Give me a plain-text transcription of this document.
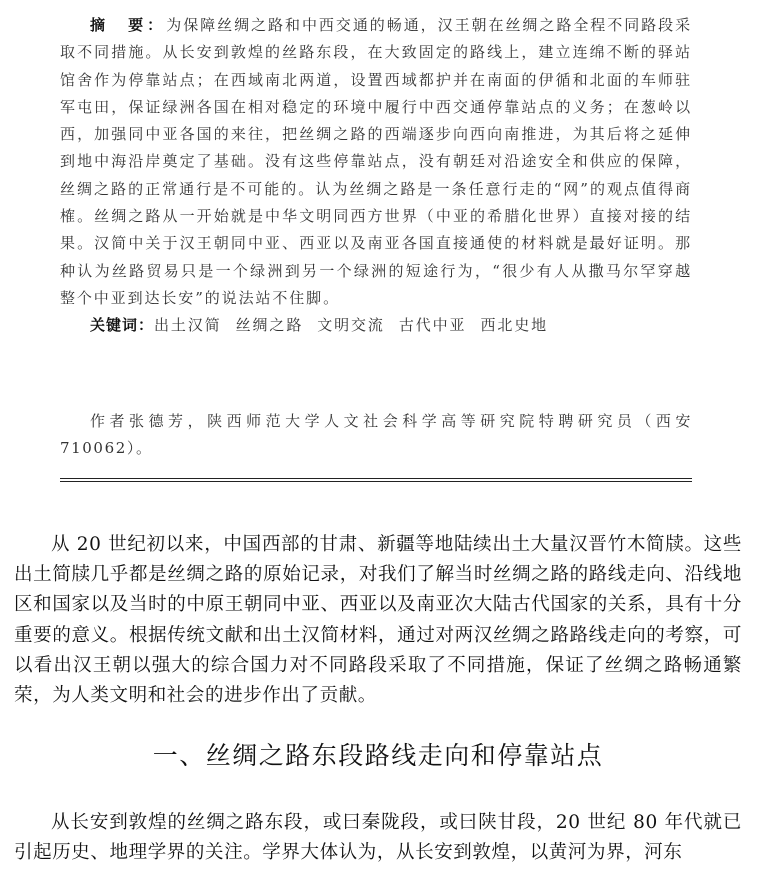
摘　要：为保障丝绸之路和中西交通的畅通，汉王朝在丝绸之路全程不同路段采取不同措施。从长安到敦煌的丝路东段，在大致固定的路线上，建立连绵不断的驿站馆舍作为停靠站点；在西域南北两道，设置西域都护并在南面的伊循和北面的车师驻军屯田，保证绿洲各国在相对稳定的环境中履行中西交通停靠站点的义务；在葱岭以西，加强同中亚各国的来往，把丝绸之路的西端逐步向西向南推进，为其后将之延伸到地中海沿岸奠定了基础。没有这些停靠站点，没有朝廷对沿途安全和供应的保障，丝绸之路的正常通行是不可能的。认为丝绸之路是一条任意行走的“网”的观点值得商榷。丝绸之路从一开始就是中华文明同西方世界（中亚的希腊化世界）直接对接的结果。汉简中关于汉王朝同中亚、西亚以及南亚各国直接通使的材料就是最好证明。那种认为丝路贸易只是一个绿洲到另一个绿洲的短途行为，“很少有人从撒马尔罕穿越整个中亚到达长安”的说法站不住脚。

关键词：出土汉简 丝绸之路 文明交流 古代中亚 西北史地

作者张德芳，陕西师范大学人文社会科学高等研究院特聘研究员（西安 710062）。

从 20 世纪初以来，中国西部的甘肃、新疆等地陆续出土大量汉晋竹木简牍。这些出土简牍几乎都是丝绸之路的原始记录，对我们了解当时丝绸之路的路线走向、沿线地区和国家以及当时的中原王朝同中亚、西亚以及南亚次大陆古代国家的关系，具有十分重要的意义。根据传统文献和出土汉简材料，通过对两汉丝绸之路路线走向的考察，可以看出汉王朝以强大的综合国力对不同路段采取了不同措施，保证了丝绸之路畅通繁荣，为人类文明和社会的进步作出了贡献。

一、丝绸之路东段路线走向和停靠站点

从长安到敦煌的丝绸之路东段，或曰秦陇段，或曰陕甘段，20 世纪 80 年代就已引起历史、地理学界的关注。学界大体认为，从长安到敦煌，以黄河为界，河东
